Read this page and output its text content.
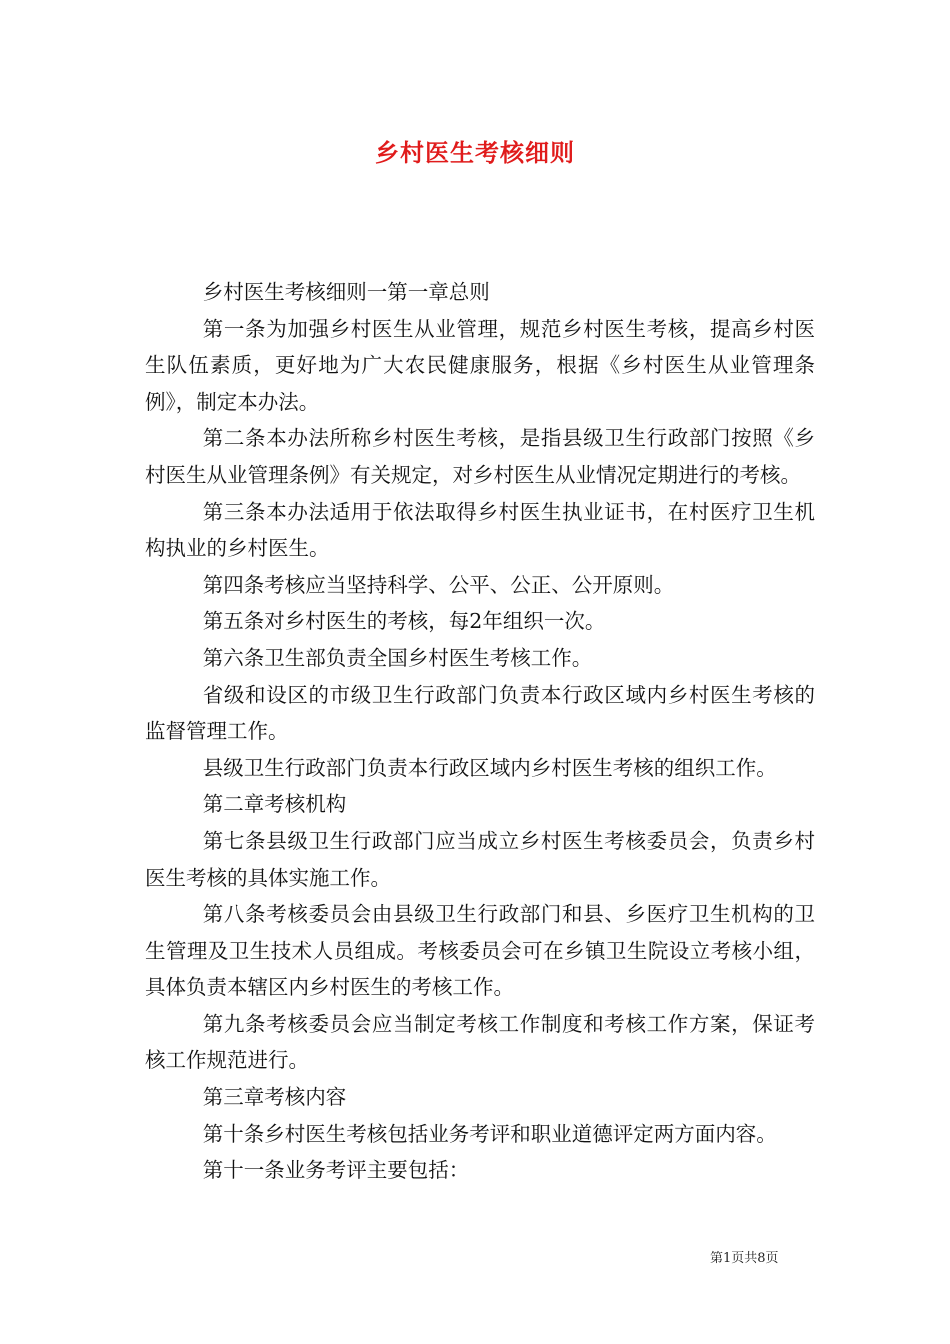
乡村医生考核细则

乡村医生考核细则一第一章总则

第一条为加强乡村医生从业管理，规范乡村医生考核，提高乡村医生队伍素质，更好地为广大农民健康服务，根据《乡村医生从业管理条例》，制定本办法。

第二条本办法所称乡村医生考核，是指县级卫生行政部门按照《乡村医生从业管理条例》有关规定，对乡村医生从业情况定期进行的考核。

第三条本办法适用于依法取得乡村医生执业证书，在村医疗卫生机构执业的乡村医生。

第四条考核应当坚持科学、公平、公正、公开原则。

第五条对乡村医生的考核，每2年组织一次。

第六条卫生部负责全国乡村医生考核工作。

省级和设区的市级卫生行政部门负责本行政区域内乡村医生考核的监督管理工作。

县级卫生行政部门负责本行政区域内乡村医生考核的组织工作。

第二章考核机构

第七条县级卫生行政部门应当成立乡村医生考核委员会，负责乡村医生考核的具体实施工作。

第八条考核委员会由县级卫生行政部门和县、乡医疗卫生机构的卫生管理及卫生技术人员组成。考核委员会可在乡镇卫生院设立考核小组，具体负责本辖区内乡村医生的考核工作。

第九条考核委员会应当制定考核工作制度和考核工作方案，保证考核工作规范进行。

第三章考核内容

第十条乡村医生考核包括业务考评和职业道德评定两方面内容。

第十一条业务考评主要包括：

第1页共8页
